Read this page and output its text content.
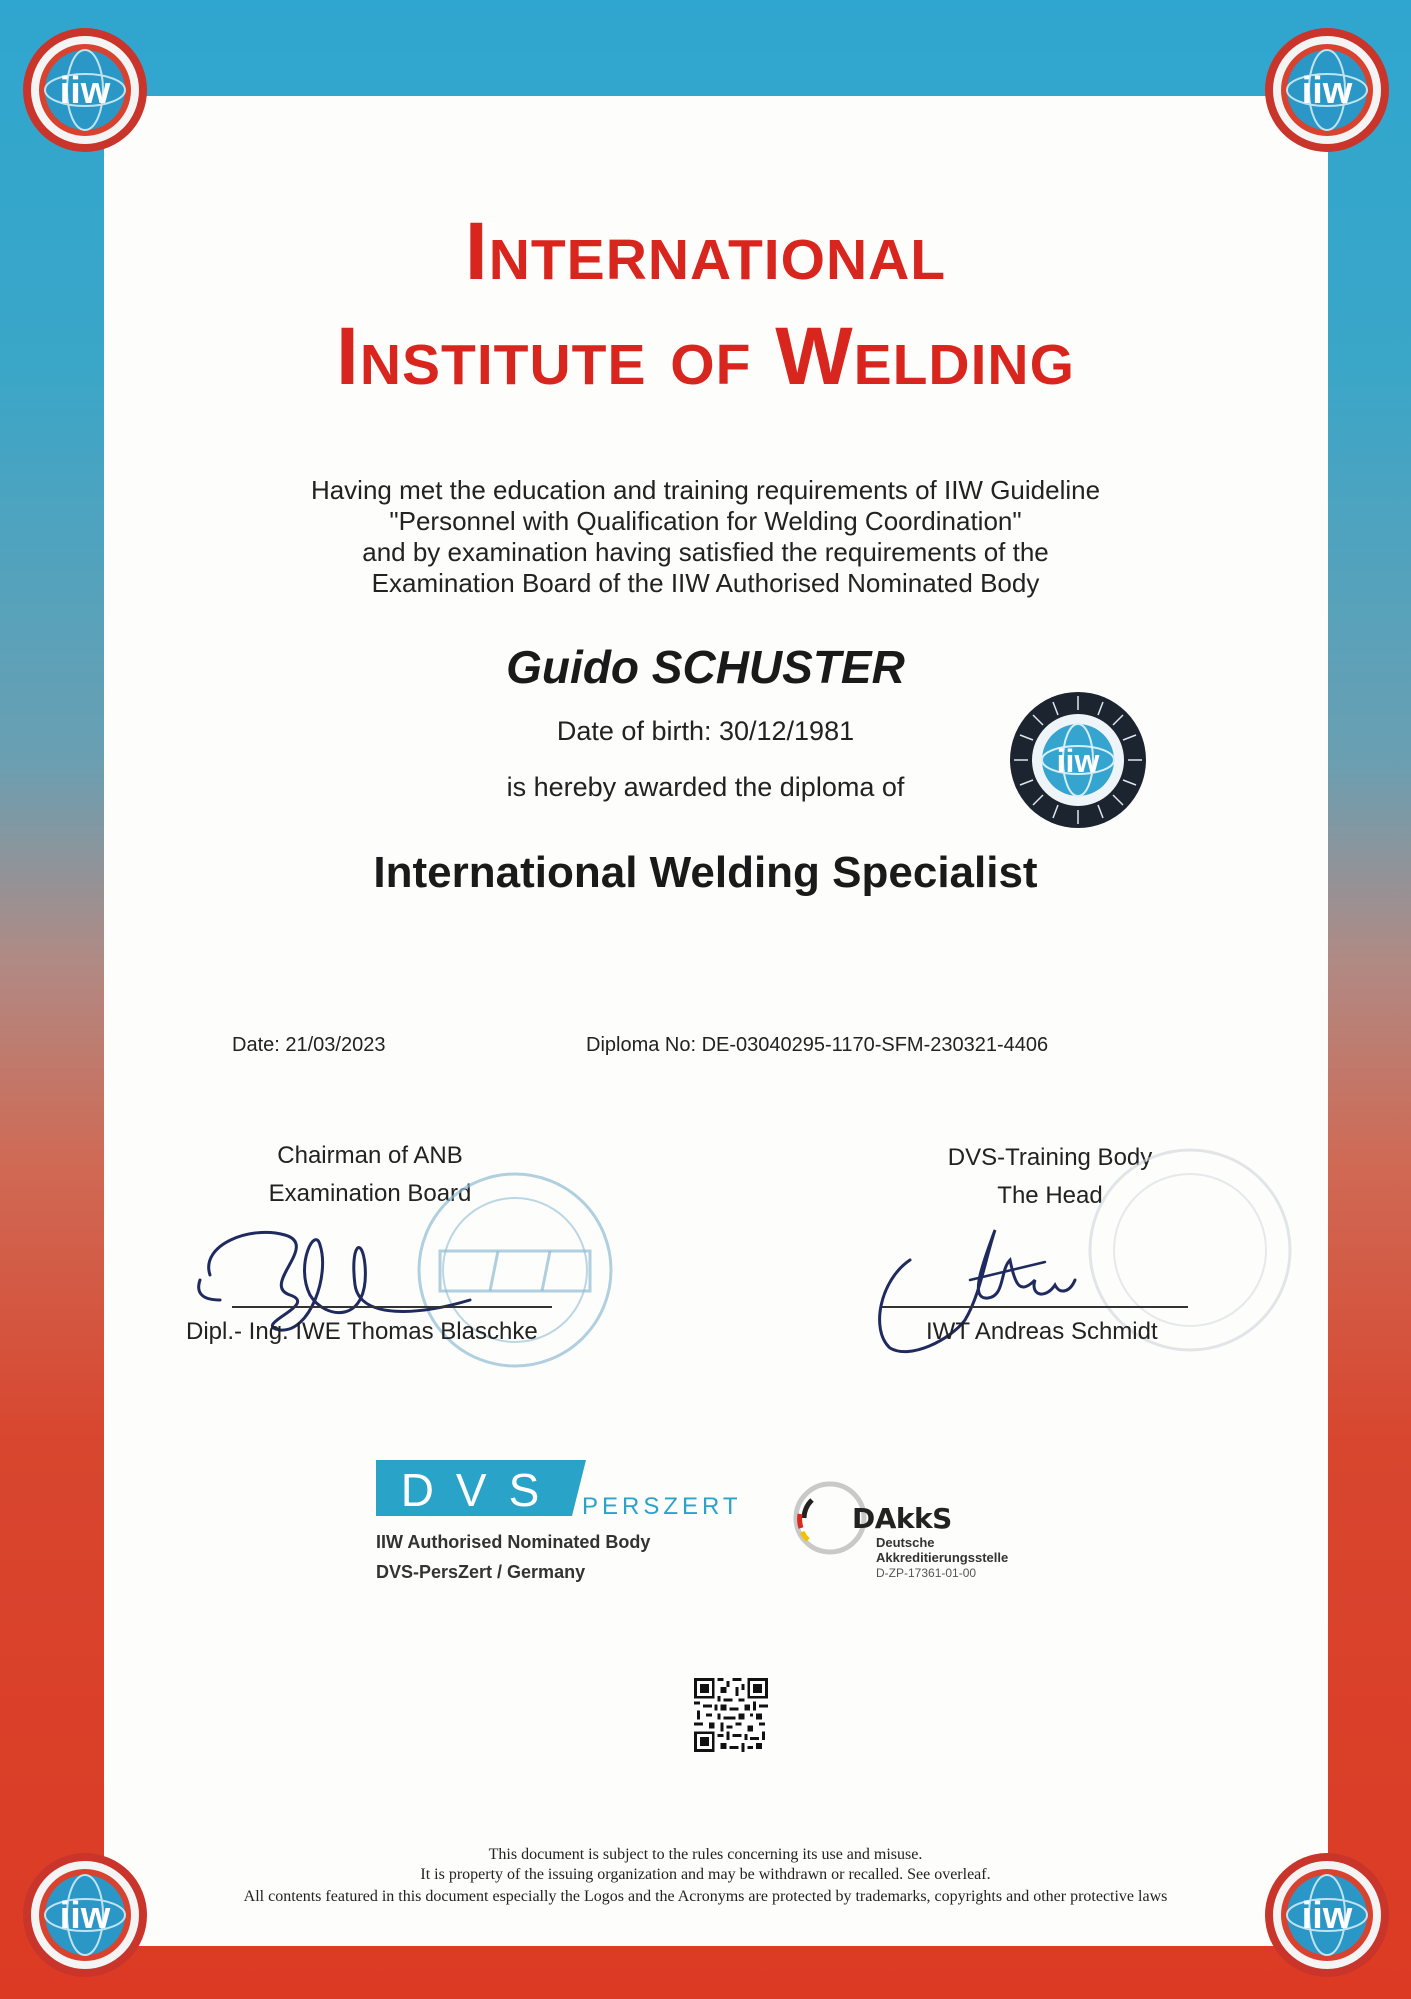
iiw	iiw
iiw	iiw
International
Institute of Welding
Having met the education and training requirements of IIW Guideline
"Personnel with Qualification for Welding Coordination"
and by examination having satisfied the requirements of the
Examination Board of the IIW Authorised Nominated Body
Guido SCHUSTER
Date of birth: 30/12/1981
is hereby awarded the diploma of
International Welding Specialist
iiw
Date: 21/03/2023	Diploma No: DE-03040295-1170-SFM-230321-4406
Chairman of ANB
Examination Board
Dipl.- Ing. IWE Thomas Blaschke
DVS-Training Body
The Head
IWT Andreas Schmidt
DVS PERSZERT
IIW Authorised Nominated Body
DVS-PersZert / Germany
DAkkS
Deutsche
Akkreditierungsstelle
D-ZP-17361-01-00
This document is subject to the rules concerning its use and misuse.
It is property of the issuing organization and may be withdrawn or recalled. See overleaf.
All contents featured in this document especially the Logos and the Acronyms are protected by trademarks, copyrights and other protective laws
